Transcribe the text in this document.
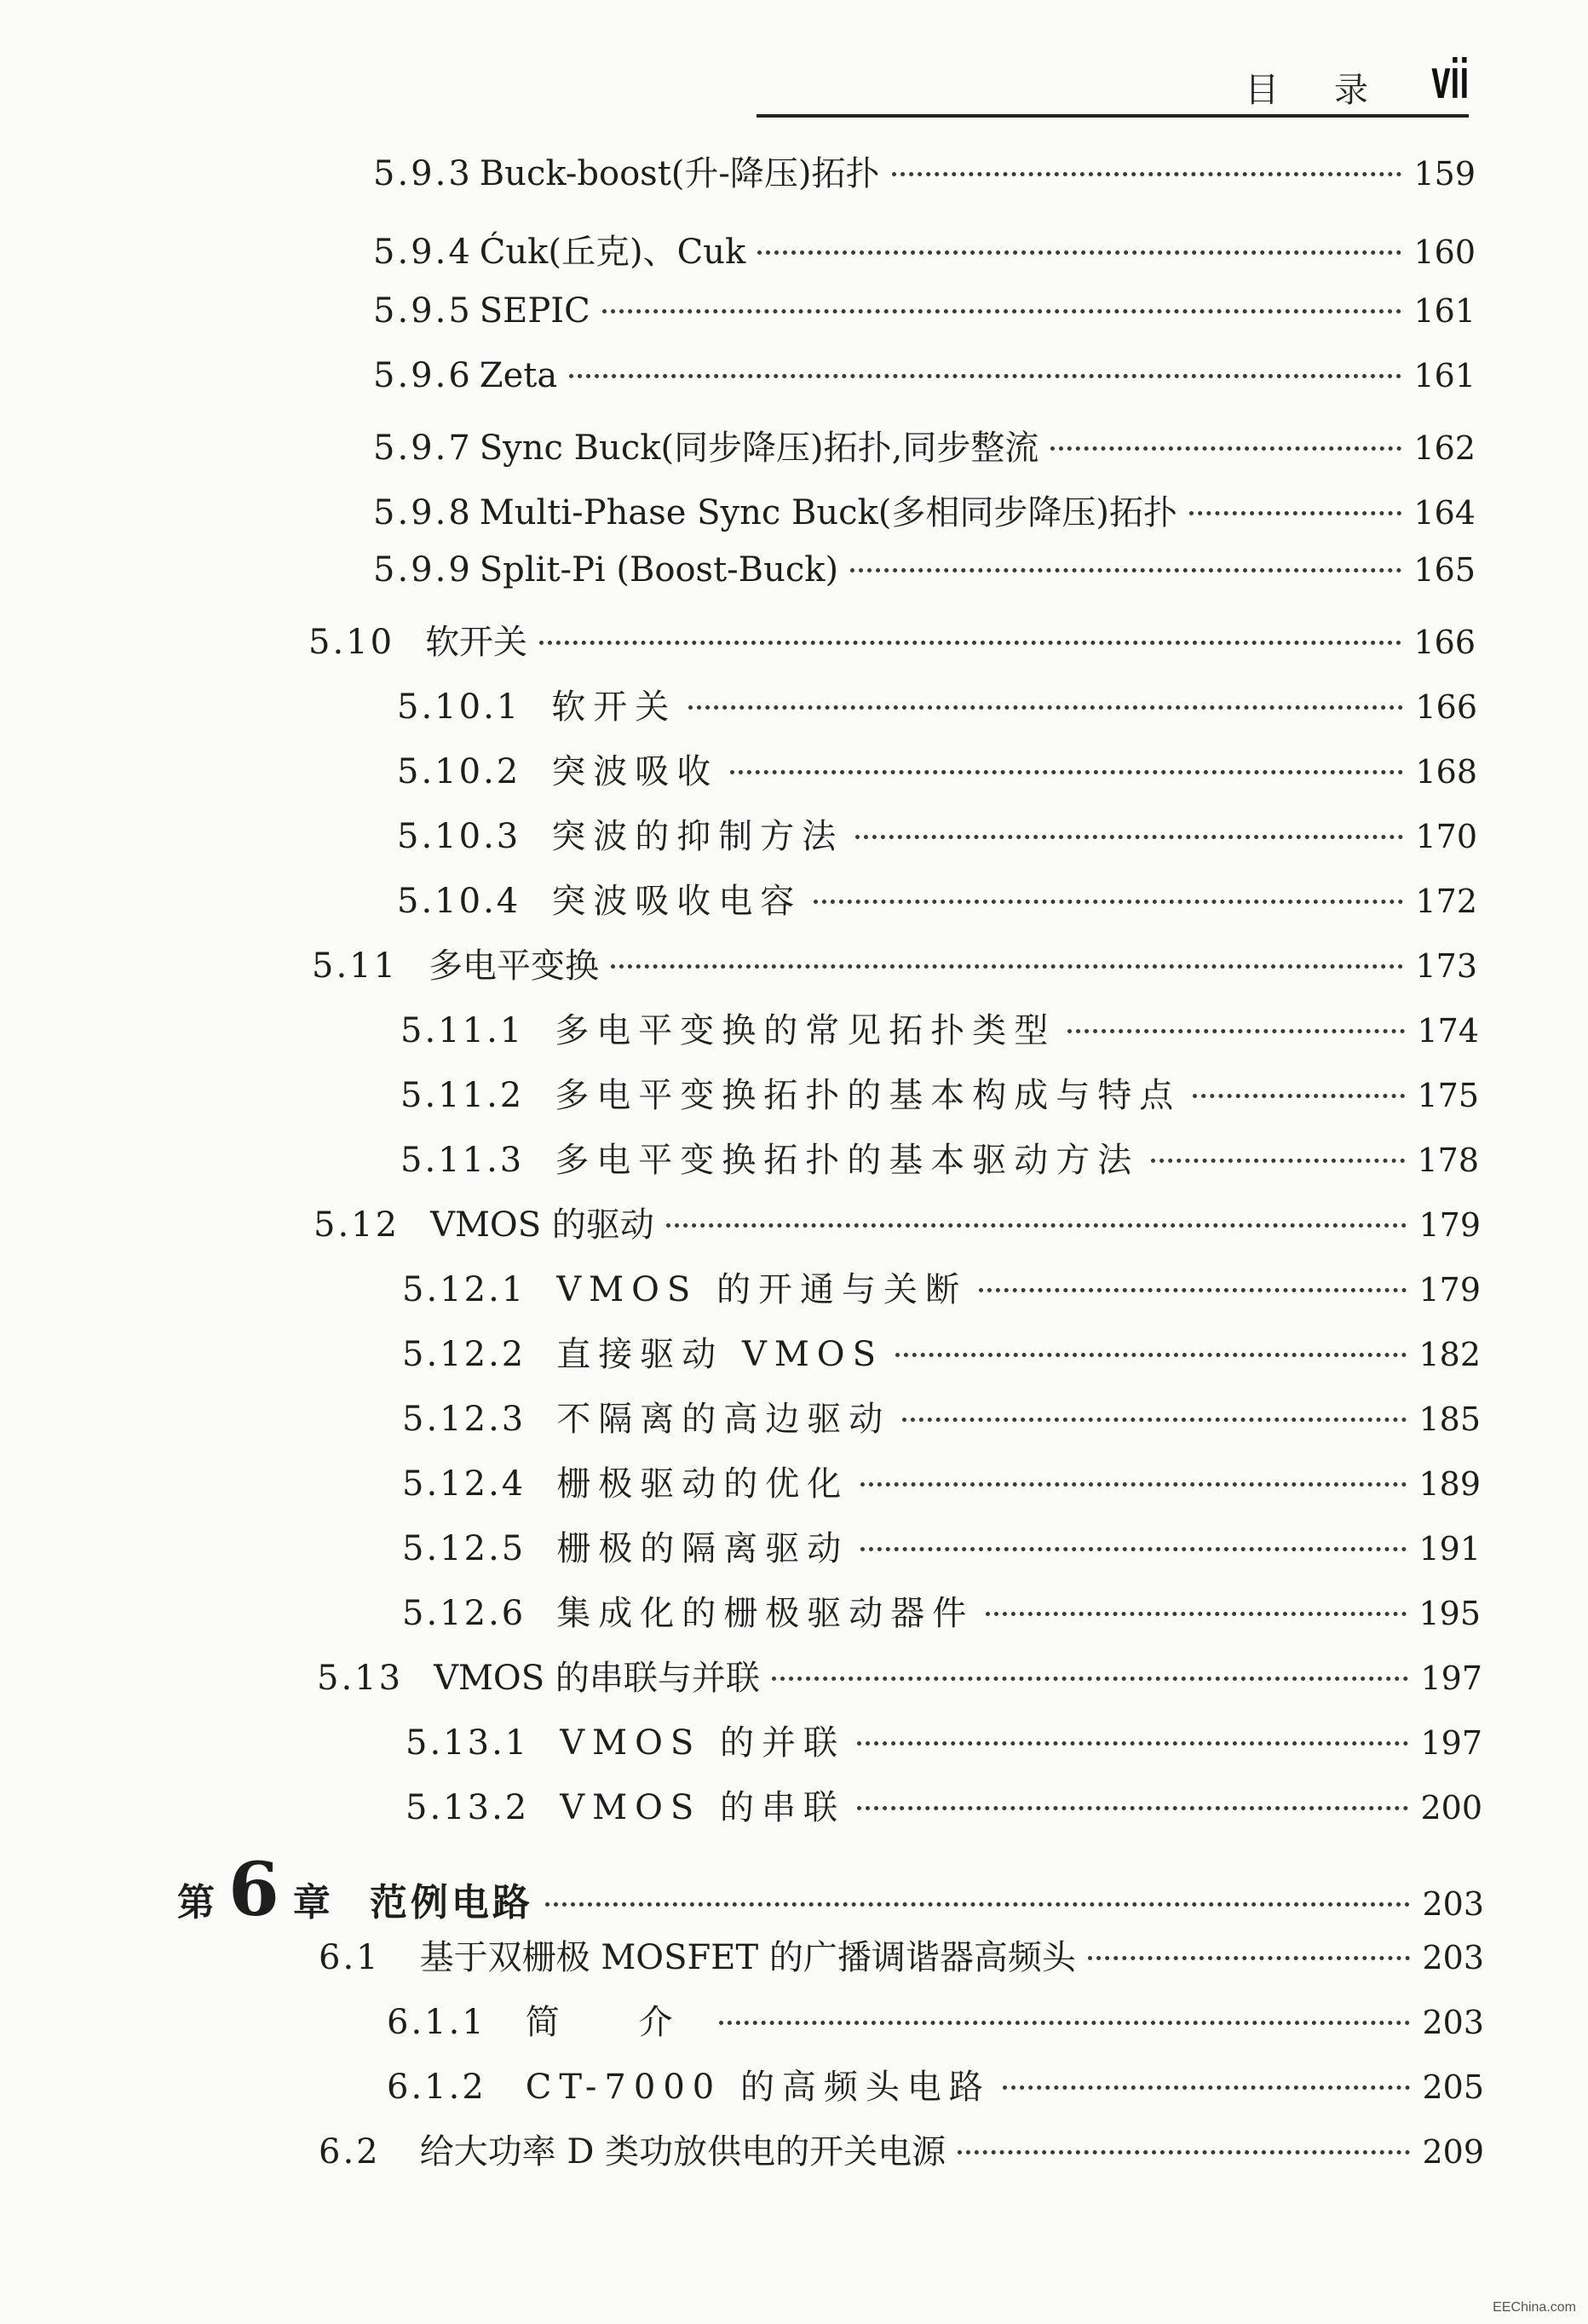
目 录 vii
5.9.3 Buck-boost(升-降压)拓扑	159
5.9.4 Ćuk(丘克)、Cuk	160
5.9.5 SEPIC	161
5.9.6 Zeta	161
5.9.7 Sync Buck(同步降压)拓扑,同步整流	162
5.9.8 Multi-Phase Sync Buck(多相同步降压)拓扑	164
5.9.9 Split-Pi (Boost-Buck)	165
5.10 软开关	166
5.10.1 软开关	166
5.10.2 突波吸收	168
5.10.3 突波的抑制方法	170
5.10.4 突波吸收电容	172
5.11 多电平变换	173
5.11.1 多电平变换的常见拓扑类型	174
5.11.2 多电平变换拓扑的基本构成与特点	175
5.11.3 多电平变换拓扑的基本驱动方法	178
5.12 VMOS 的驱动	179
5.12.1 VMOS 的开通与关断	179
5.12.2 直接驱动 VMOS	182
5.12.3 不隔离的高边驱动	185
5.12.4 栅极驱动的优化	189
5.12.5 栅极的隔离驱动	191
5.12.6 集成化的栅极驱动器件	195
5.13 VMOS 的串联与并联	197
5.13.1 VMOS 的并联	197
5.13.2 VMOS 的串联	200
第 6 章 范例电路	203
6.1 基于双栅极 MOSFET 的广播调谐器高频头	203
6.1.1 简 介	203
6.1.2 CT-7000 的高频头电路	205
6.2 给大功率 D 类功放供电的开关电源	209
EEChina.com
